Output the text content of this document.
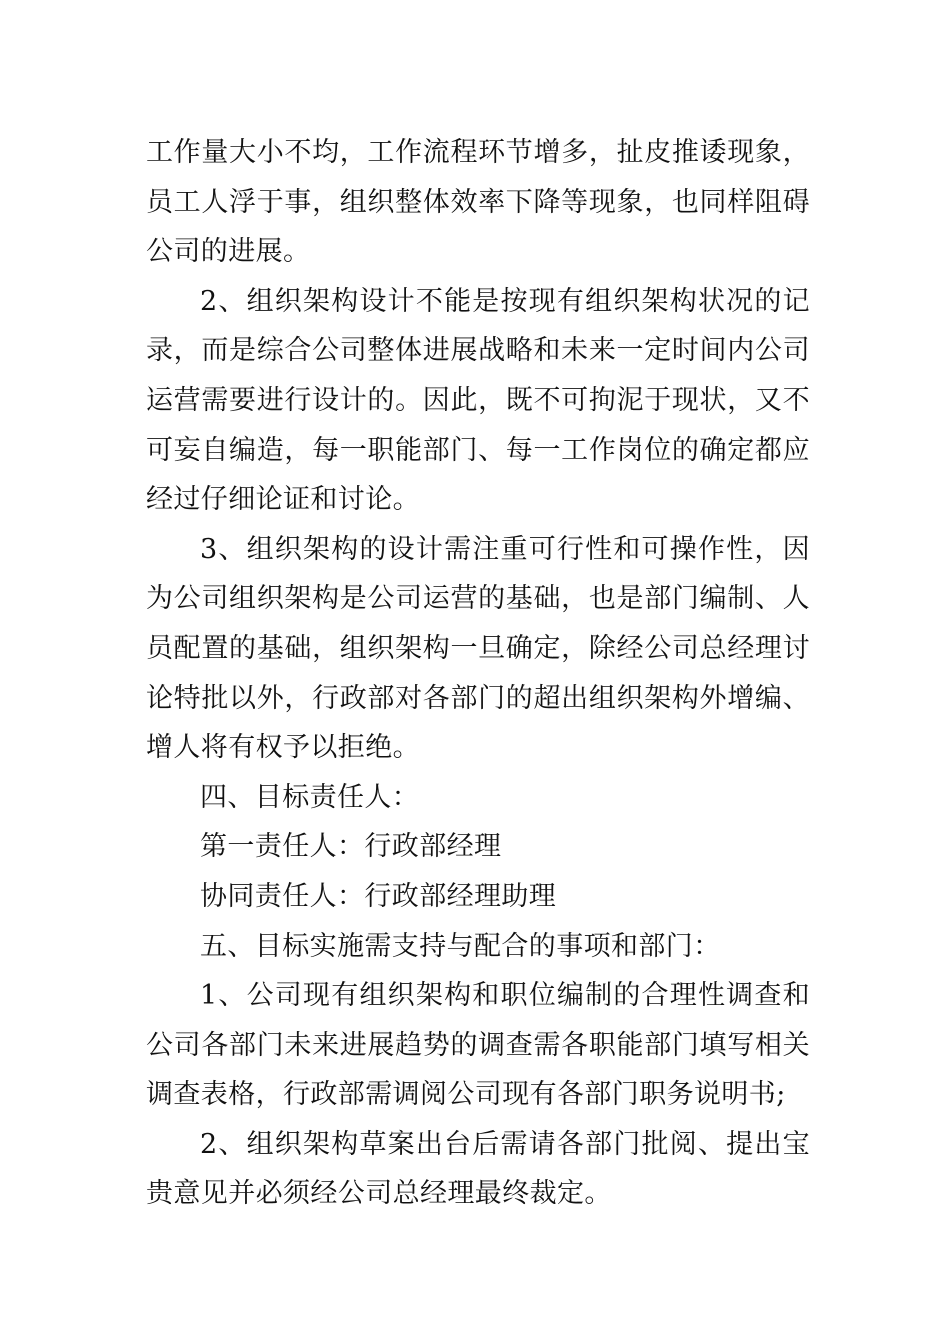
工作量大小不均，工作流程环节增多，扯皮推诿现象，员工人浮于事，组织整体效率下降等现象，也同样阻碍公司的进展。

2、组织架构设计不能是按现有组织架构状况的记录，而是综合公司整体进展战略和未来一定时间内公司运营需要进行设计的。因此，既不可拘泥于现状，又不可妄自编造，每一职能部门、每一工作岗位的确定都应经过仔细论证和讨论。

3、组织架构的设计需注重可行性和可操作性，因为公司组织架构是公司运营的基础，也是部门编制、人员配置的基础，组织架构一旦确定，除经公司总经理讨论特批以外，行政部对各部门的超出组织架构外增编、增人将有权予以拒绝。

四、目标责任人：

第一责任人：行政部经理

协同责任人：行政部经理助理

五、目标实施需支持与配合的事项和部门：

1、公司现有组织架构和职位编制的合理性调查和公司各部门未来进展趋势的调查需各职能部门填写相关调查表格，行政部需调阅公司现有各部门职务说明书;

2、组织架构草案出台后需请各部门批阅、提出宝贵意见并必须经公司总经理最终裁定。
